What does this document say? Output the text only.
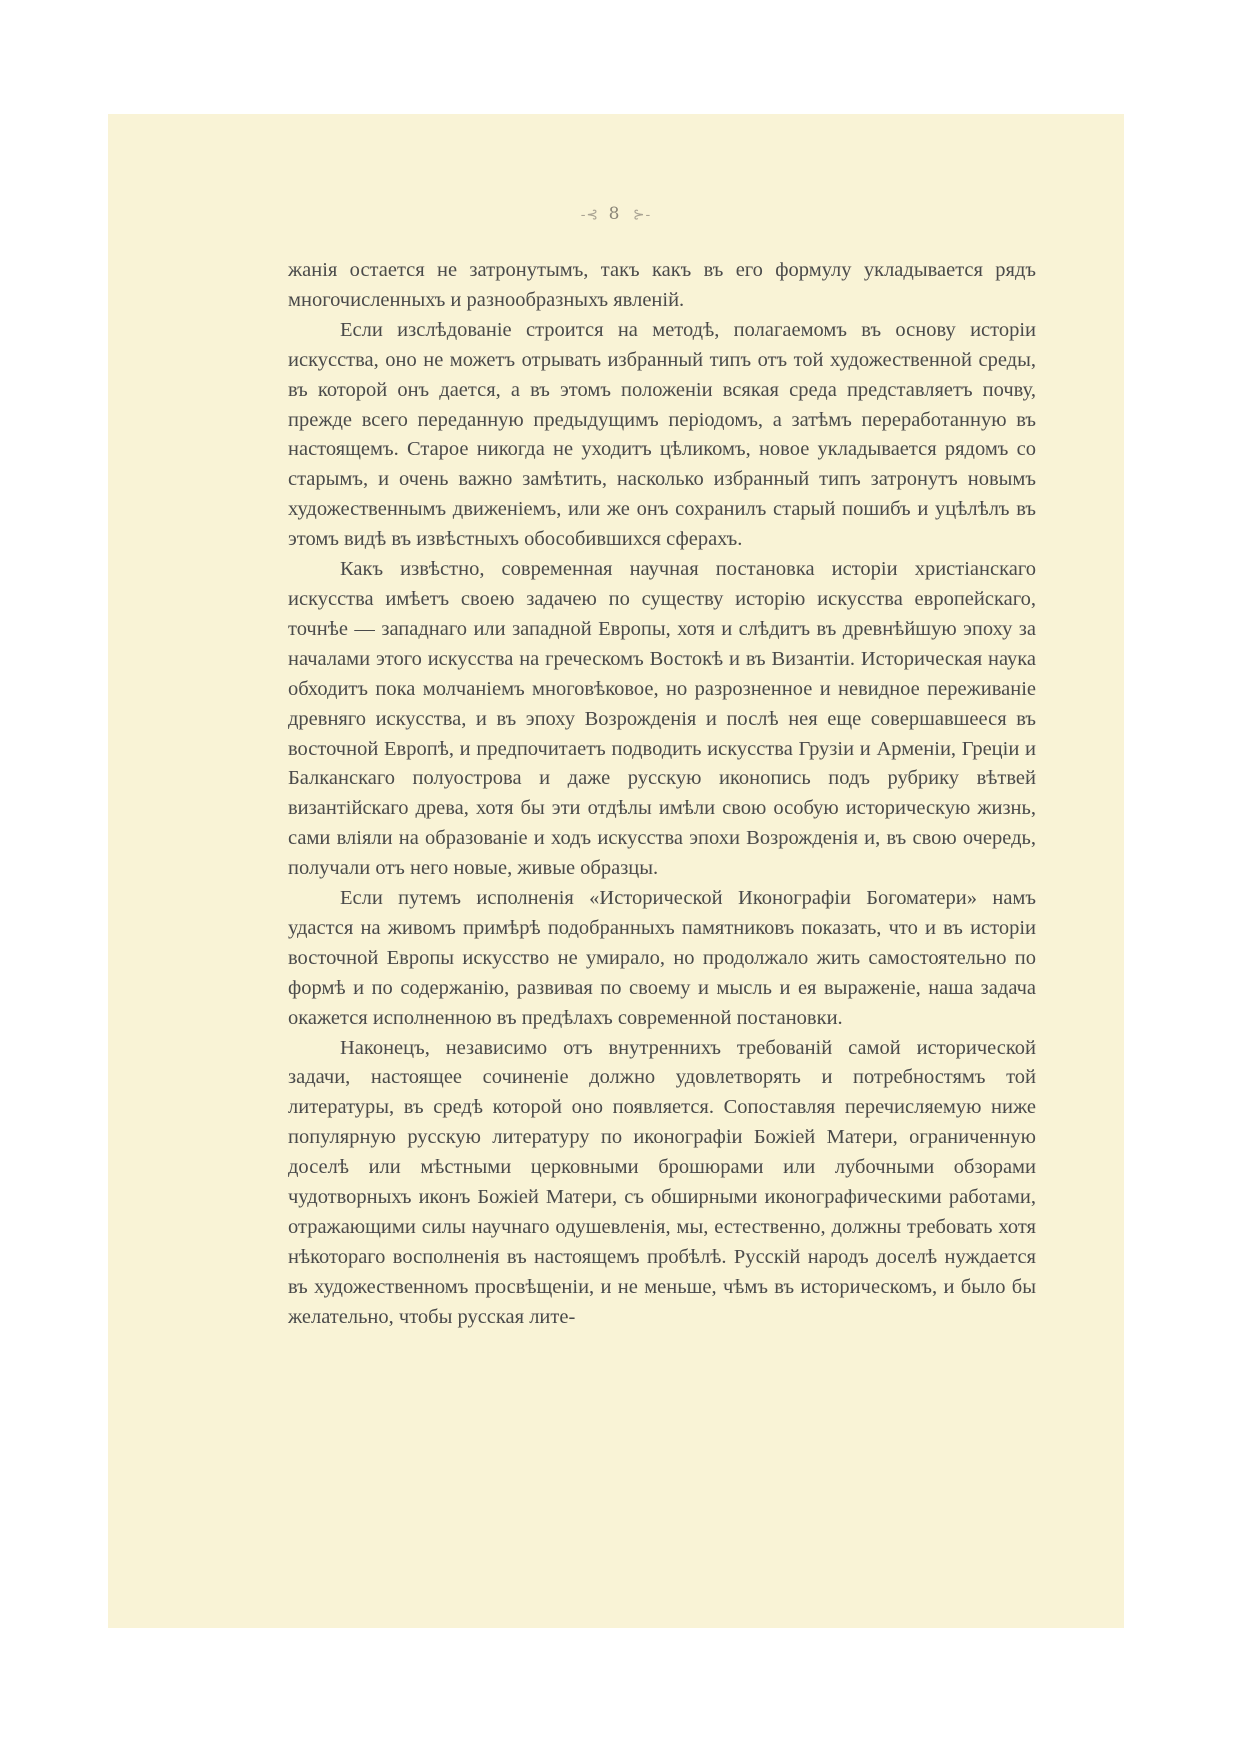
-⊰ 8 ⊱-

жанія остается не затронутымъ, такъ какъ въ его формулу укладывается рядъ многочисленныхъ и разнообразныхъ явленій.

Если изслѣдованіе строится на методѣ, полагаемомъ въ основу исторіи искусства, оно не можетъ отрывать избранный типъ отъ той художественной среды, въ которой онъ дается, а въ этомъ положеніи всякая среда представляетъ почву, прежде всего переданную предыдущимъ періодомъ, а затѣмъ переработанную въ настоящемъ. Старое никогда не уходитъ цѣликомъ, новое укладывается рядомъ со старымъ, и очень важно замѣтить, насколько избранный типъ затронутъ новымъ художественнымъ движеніемъ, или же онъ сохранилъ старый пошибъ и уцѣлѣлъ въ этомъ видѣ въ извѣстныхъ обособившихся сферахъ.

Какъ извѣстно, современная научная постановка исторіи христіанскаго искусства имѣетъ своею задачею по существу исторію искусства европейскаго, точнѣе — западнаго или западной Европы, хотя и слѣдитъ въ древнѣйшую эпоху за началами этого искусства на греческомъ Востокѣ и въ Византіи. Историческая наука обходитъ пока молчаніемъ многовѣковое, но разрозненное и невидное переживаніе древняго искусства, и въ эпоху Возрожденія и послѣ нея еще совершавшееся въ восточной Европѣ, и предпочитаетъ подводить искусства Грузіи и Арменіи, Греціи и Балканскаго полуострова и даже русскую иконопись подъ рубрику вѣтвей византійскаго древа, хотя бы эти отдѣлы имѣли свою особую историческую жизнь, сами вліяли на образованіе и ходъ искусства эпохи Возрожденія и, въ свою очередь, получали отъ него новые, живые образцы.

Если путемъ исполненія «Исторической Иконографіи Богоматери» намъ удастся на живомъ примѣрѣ подобранныхъ памятниковъ показать, что и въ исторіи восточной Европы искусство не умирало, но продолжало жить самостоятельно по формѣ и по содержанію, развивая по своему и мысль и ея выраженіе, наша задача окажется исполненною въ предѣлахъ современной постановки.

Наконецъ, независимо отъ внутреннихъ требованій самой исторической задачи, настоящее сочиненіе должно удовлетворять и потребностямъ той литературы, въ средѣ которой оно появляется. Сопоставляя перечисляемую ниже популярную русскую литературу по иконографіи Божіей Матери, ограниченную доселѣ или мѣстными церковными брошюрами или лубочными обзорами чудотворныхъ иконъ Божіей Матери, съ обширными иконографическими работами, отражающими силы научнаго одушевленія, мы, естественно, должны требовать хотя нѣкотораго восполненія въ настоящемъ пробѣлѣ. Русскій народъ доселѣ нуждается въ художественномъ просвѣщеніи, и не меньше, чѣмъ въ историческомъ, и было бы желательно, чтобы русская лите-
